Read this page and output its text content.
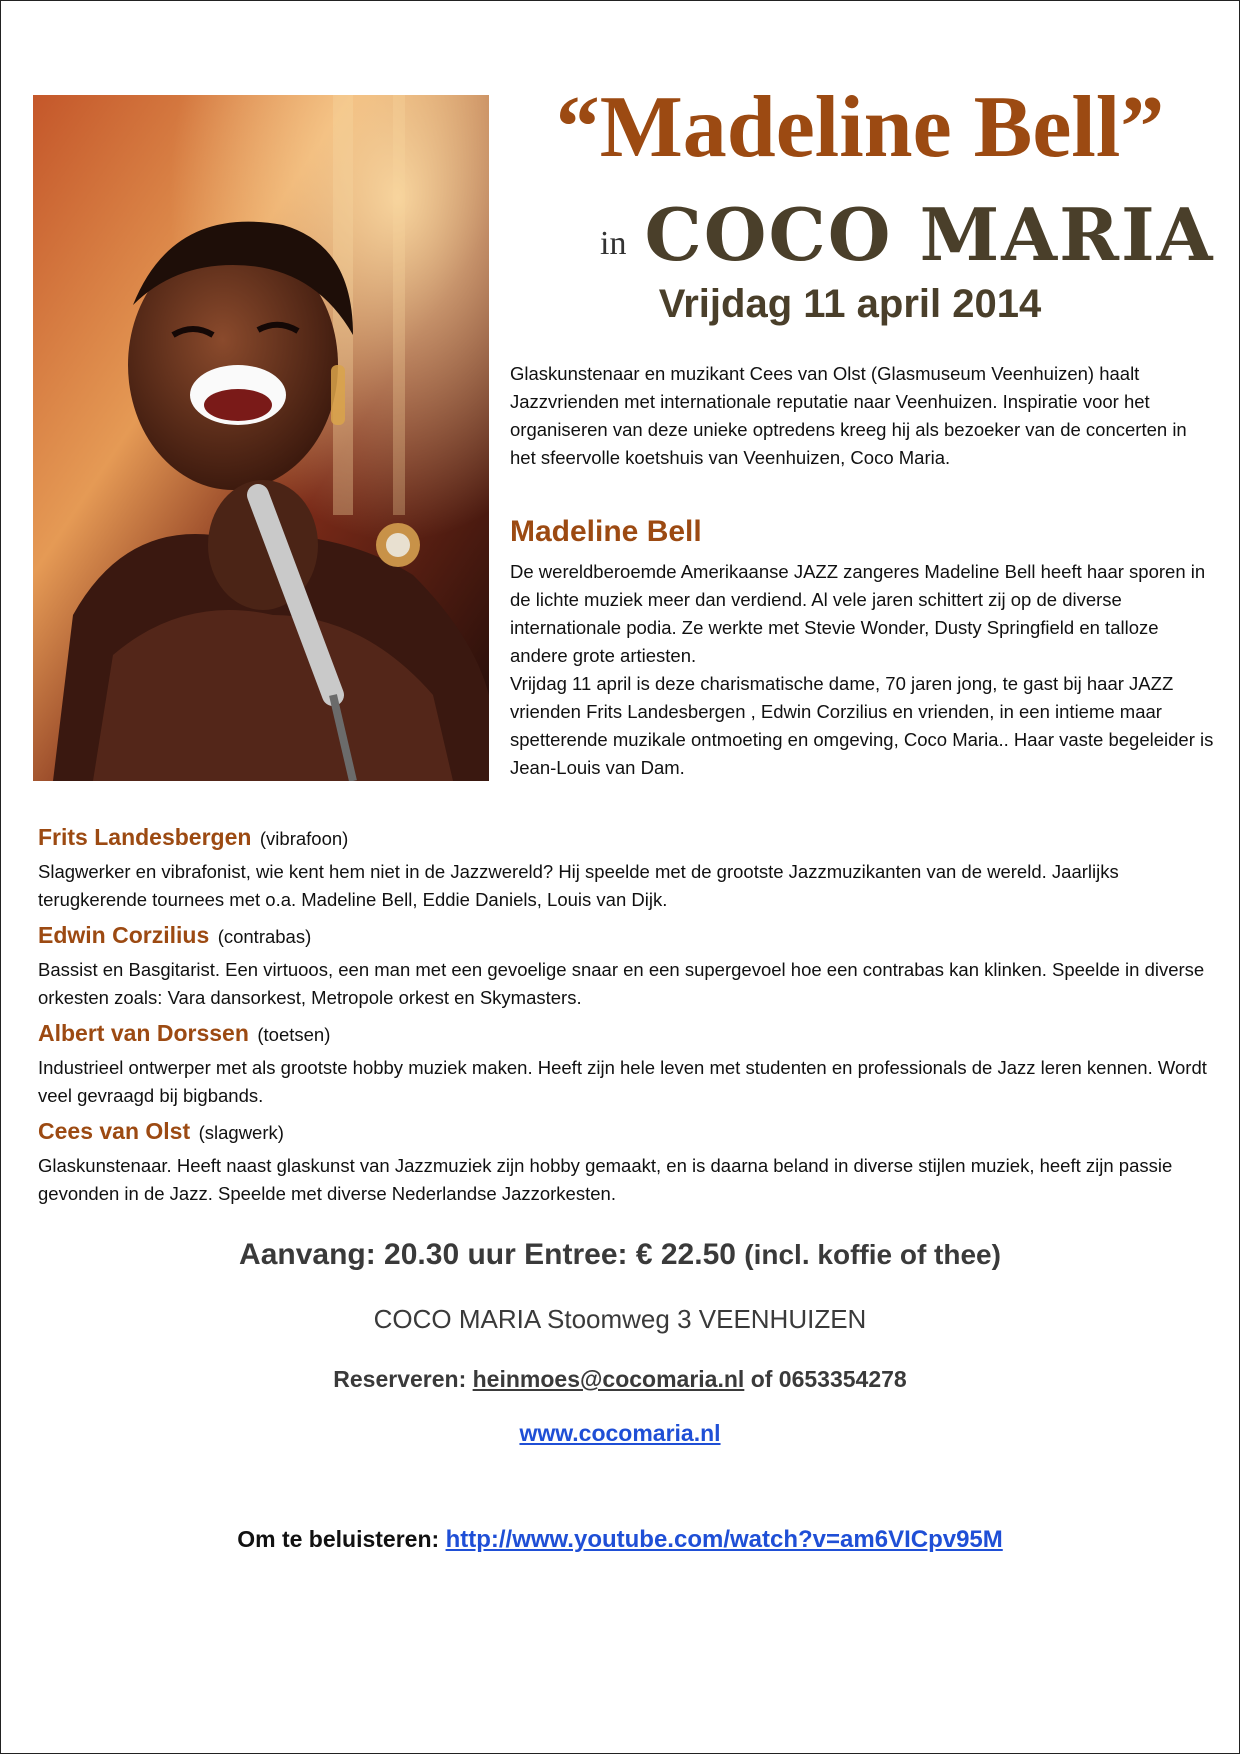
“Madeline Bell”
in COCO MARIA
Vrijdag 11 april 2014

Glaskunstenaar en muzikant Cees van Olst (Glasmuseum Veenhuizen) haalt Jazzvrienden met internationale reputatie naar Veenhuizen. Inspiratie voor het organiseren van deze unieke optredens kreeg hij als bezoeker van de concerten in het sfeervolle koetshuis van Veenhuizen, Coco Maria.

Madeline Bell

De wereldberoemde Amerikaanse JAZZ zangeres Madeline Bell heeft haar sporen in de lichte muziek meer dan verdiend. Al vele jaren schittert zij op de diverse internationale podia. Ze werkte met Stevie Wonder, Dusty Springfield en talloze andere grote artiesten.

Vrijdag 11 april is deze charismatische dame, 70 jaren jong, te gast bij haar JAZZ vrienden Frits Landesbergen , Edwin Corzilius en vrienden, in een intieme maar spetterende muzikale ontmoeting en omgeving, Coco Maria.. Haar vaste begeleider is Jean-Louis van Dam.

Frits Landesbergen (vibrafoon)

Slagwerker en vibrafonist, wie kent hem niet in de Jazzwereld? Hij speelde met de grootste Jazzmuzikanten van de wereld. Jaarlijks terugkerende tournees met o.a. Madeline Bell, Eddie Daniels, Louis van Dijk.

Edwin Corzilius (contrabas)

Bassist en Basgitarist. Een virtuoos, een man met een gevoelige snaar en een supergevoel hoe een contrabas kan klinken. Speelde in diverse orkesten zoals: Vara dansorkest, Metropole orkest en Skymasters.

Albert van Dorssen (toetsen)

Industrieel ontwerper met als grootste hobby muziek maken. Heeft zijn hele leven met studenten en professionals de Jazz leren kennen. Wordt veel gevraagd bij bigbands.

Cees van Olst (slagwerk)

Glaskunstenaar. Heeft naast glaskunst van Jazzmuziek zijn hobby gemaakt, en is daarna beland in diverse stijlen muziek, heeft zijn passie gevonden in de Jazz. Speelde met diverse Nederlandse Jazzorkesten.

Aanvang: 20.30 uur Entree: € 22.50 (incl. koffie of thee)
COCO MARIA Stoomweg 3 VEENHUIZEN
Reserveren: heinmoes@cocomaria.nl of 0653354278
www.cocomaria.nl
Om te beluisteren: http://www.youtube.com/watch?v=am6VICpv95M
